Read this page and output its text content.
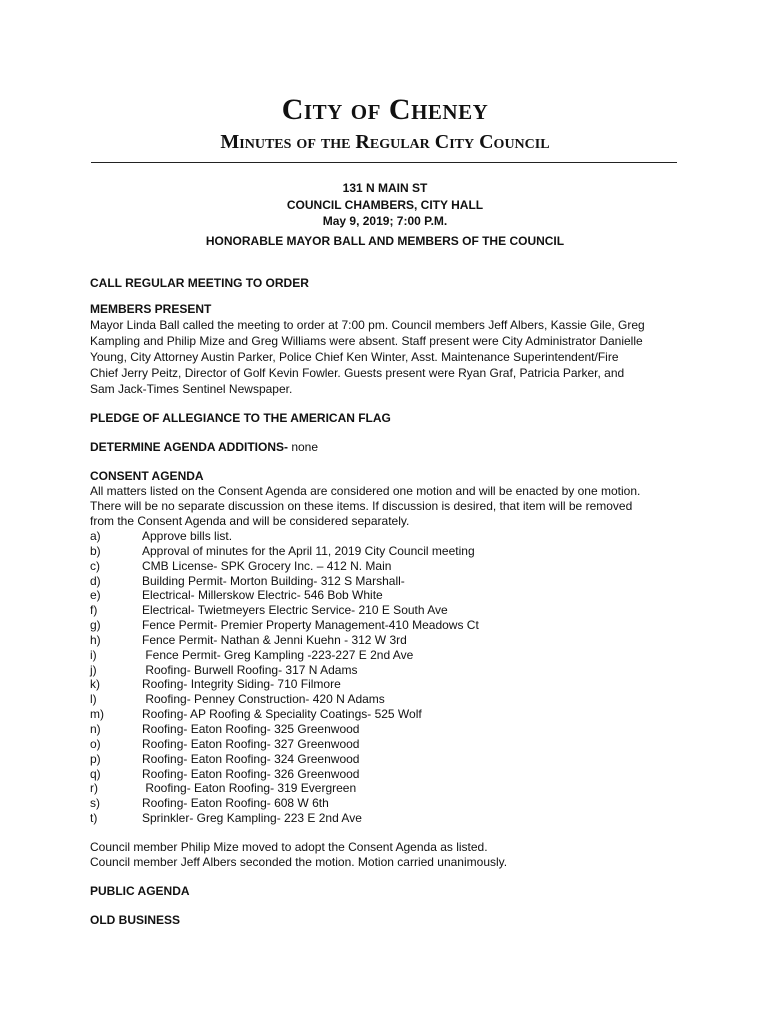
City of Cheney
Minutes of the Regular City Council
131 N MAIN ST
COUNCIL CHAMBERS, CITY HALL
May 9, 2019; 7:00 P.M.
HONORABLE MAYOR BALL AND MEMBERS OF THE COUNCIL
CALL REGULAR MEETING TO ORDER
MEMBERS PRESENT
Mayor Linda Ball called the meeting to order at 7:00 pm. Council members Jeff Albers, Kassie Gile, Greg
Kampling and Philip Mize and Greg Williams were absent. Staff present were City Administrator Danielle
Young, City Attorney Austin Parker, Police Chief Ken Winter, Asst. Maintenance Superintendent/Fire
Chief Jerry Peitz, Director of Golf Kevin Fowler. Guests present were Ryan Graf, Patricia Parker, and
Sam Jack-Times Sentinel Newspaper.
PLEDGE OF ALLEGIANCE TO THE AMERICAN FLAG
DETERMINE AGENDA ADDITIONS- none
CONSENT AGENDA
All matters listed on the Consent Agenda are considered one motion and will be enacted by one motion.
There will be no separate discussion on these items. If discussion is desired, that item will be removed
from the Consent Agenda and will be considered separately.
a)	Approve bills list.
b)	Approval of minutes for the April 11, 2019 City Council meeting
c)	CMB License- SPK Grocery Inc. – 412 N. Main
d)	Building Permit- Morton Building- 312 S Marshall-
e)	Electrical- Millerskow Electric- 546 Bob White
f)	Electrical- Twietmeyers Electric Service- 210 E South Ave
g)	Fence Permit- Premier Property Management-410 Meadows Ct
h)	Fence Permit- Nathan & Jenni Kuehn - 312 W 3rd
i)	Fence Permit- Greg Kampling -223-227 E 2nd Ave
j)	Roofing- Burwell Roofing- 317 N Adams
k)	Roofing- Integrity Siding- 710 Filmore
l)	Roofing- Penney Construction- 420 N Adams
m)	Roofing- AP Roofing & Speciality Coatings- 525 Wolf
n)	Roofing- Eaton Roofing- 325 Greenwood
o)	Roofing- Eaton Roofing- 327 Greenwood
p)	Roofing- Eaton Roofing- 324 Greenwood
q)	Roofing- Eaton Roofing- 326 Greenwood
r)	Roofing- Eaton Roofing- 319 Evergreen
s)	Roofing- Eaton Roofing- 608 W 6th
t)	Sprinkler- Greg Kampling- 223 E 2nd Ave
Council member Philip Mize moved to adopt the Consent Agenda as listed.
Council member Jeff Albers seconded the motion. Motion carried unanimously.
PUBLIC AGENDA
OLD BUSINESS
